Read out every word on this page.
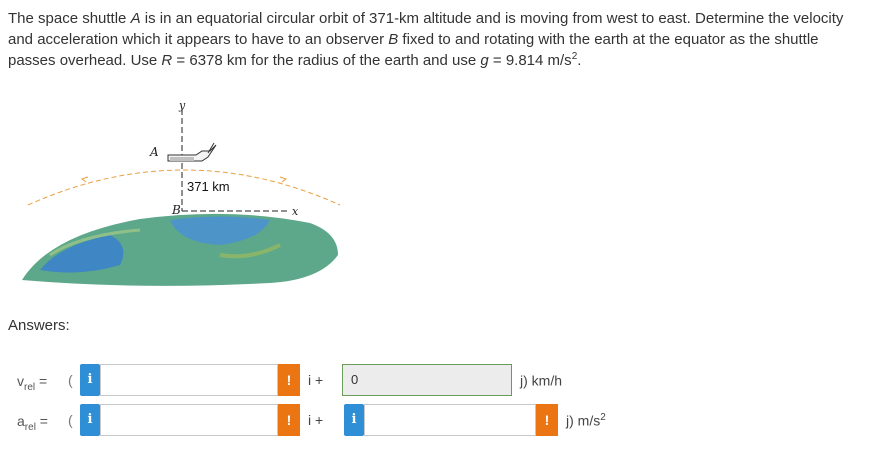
The space shuttle A is in an equatorial circular orbit of 371-km altitude and is moving from west to east. Determine the velocity and acceleration which it appears to have to an observer B fixed to and rotating with the earth at the equator as the shuttle passes overhead. Use R = 6378 km for the radius of the earth and use g = 9.814 $m/s^2$.
y
A
371 km
B	x
Answers:
$v_{rel}$ = (	i	!	i +	0	j) km/h
$a_{rel}$ = (	i	!	i +	i	!	j) $m/s^2$
